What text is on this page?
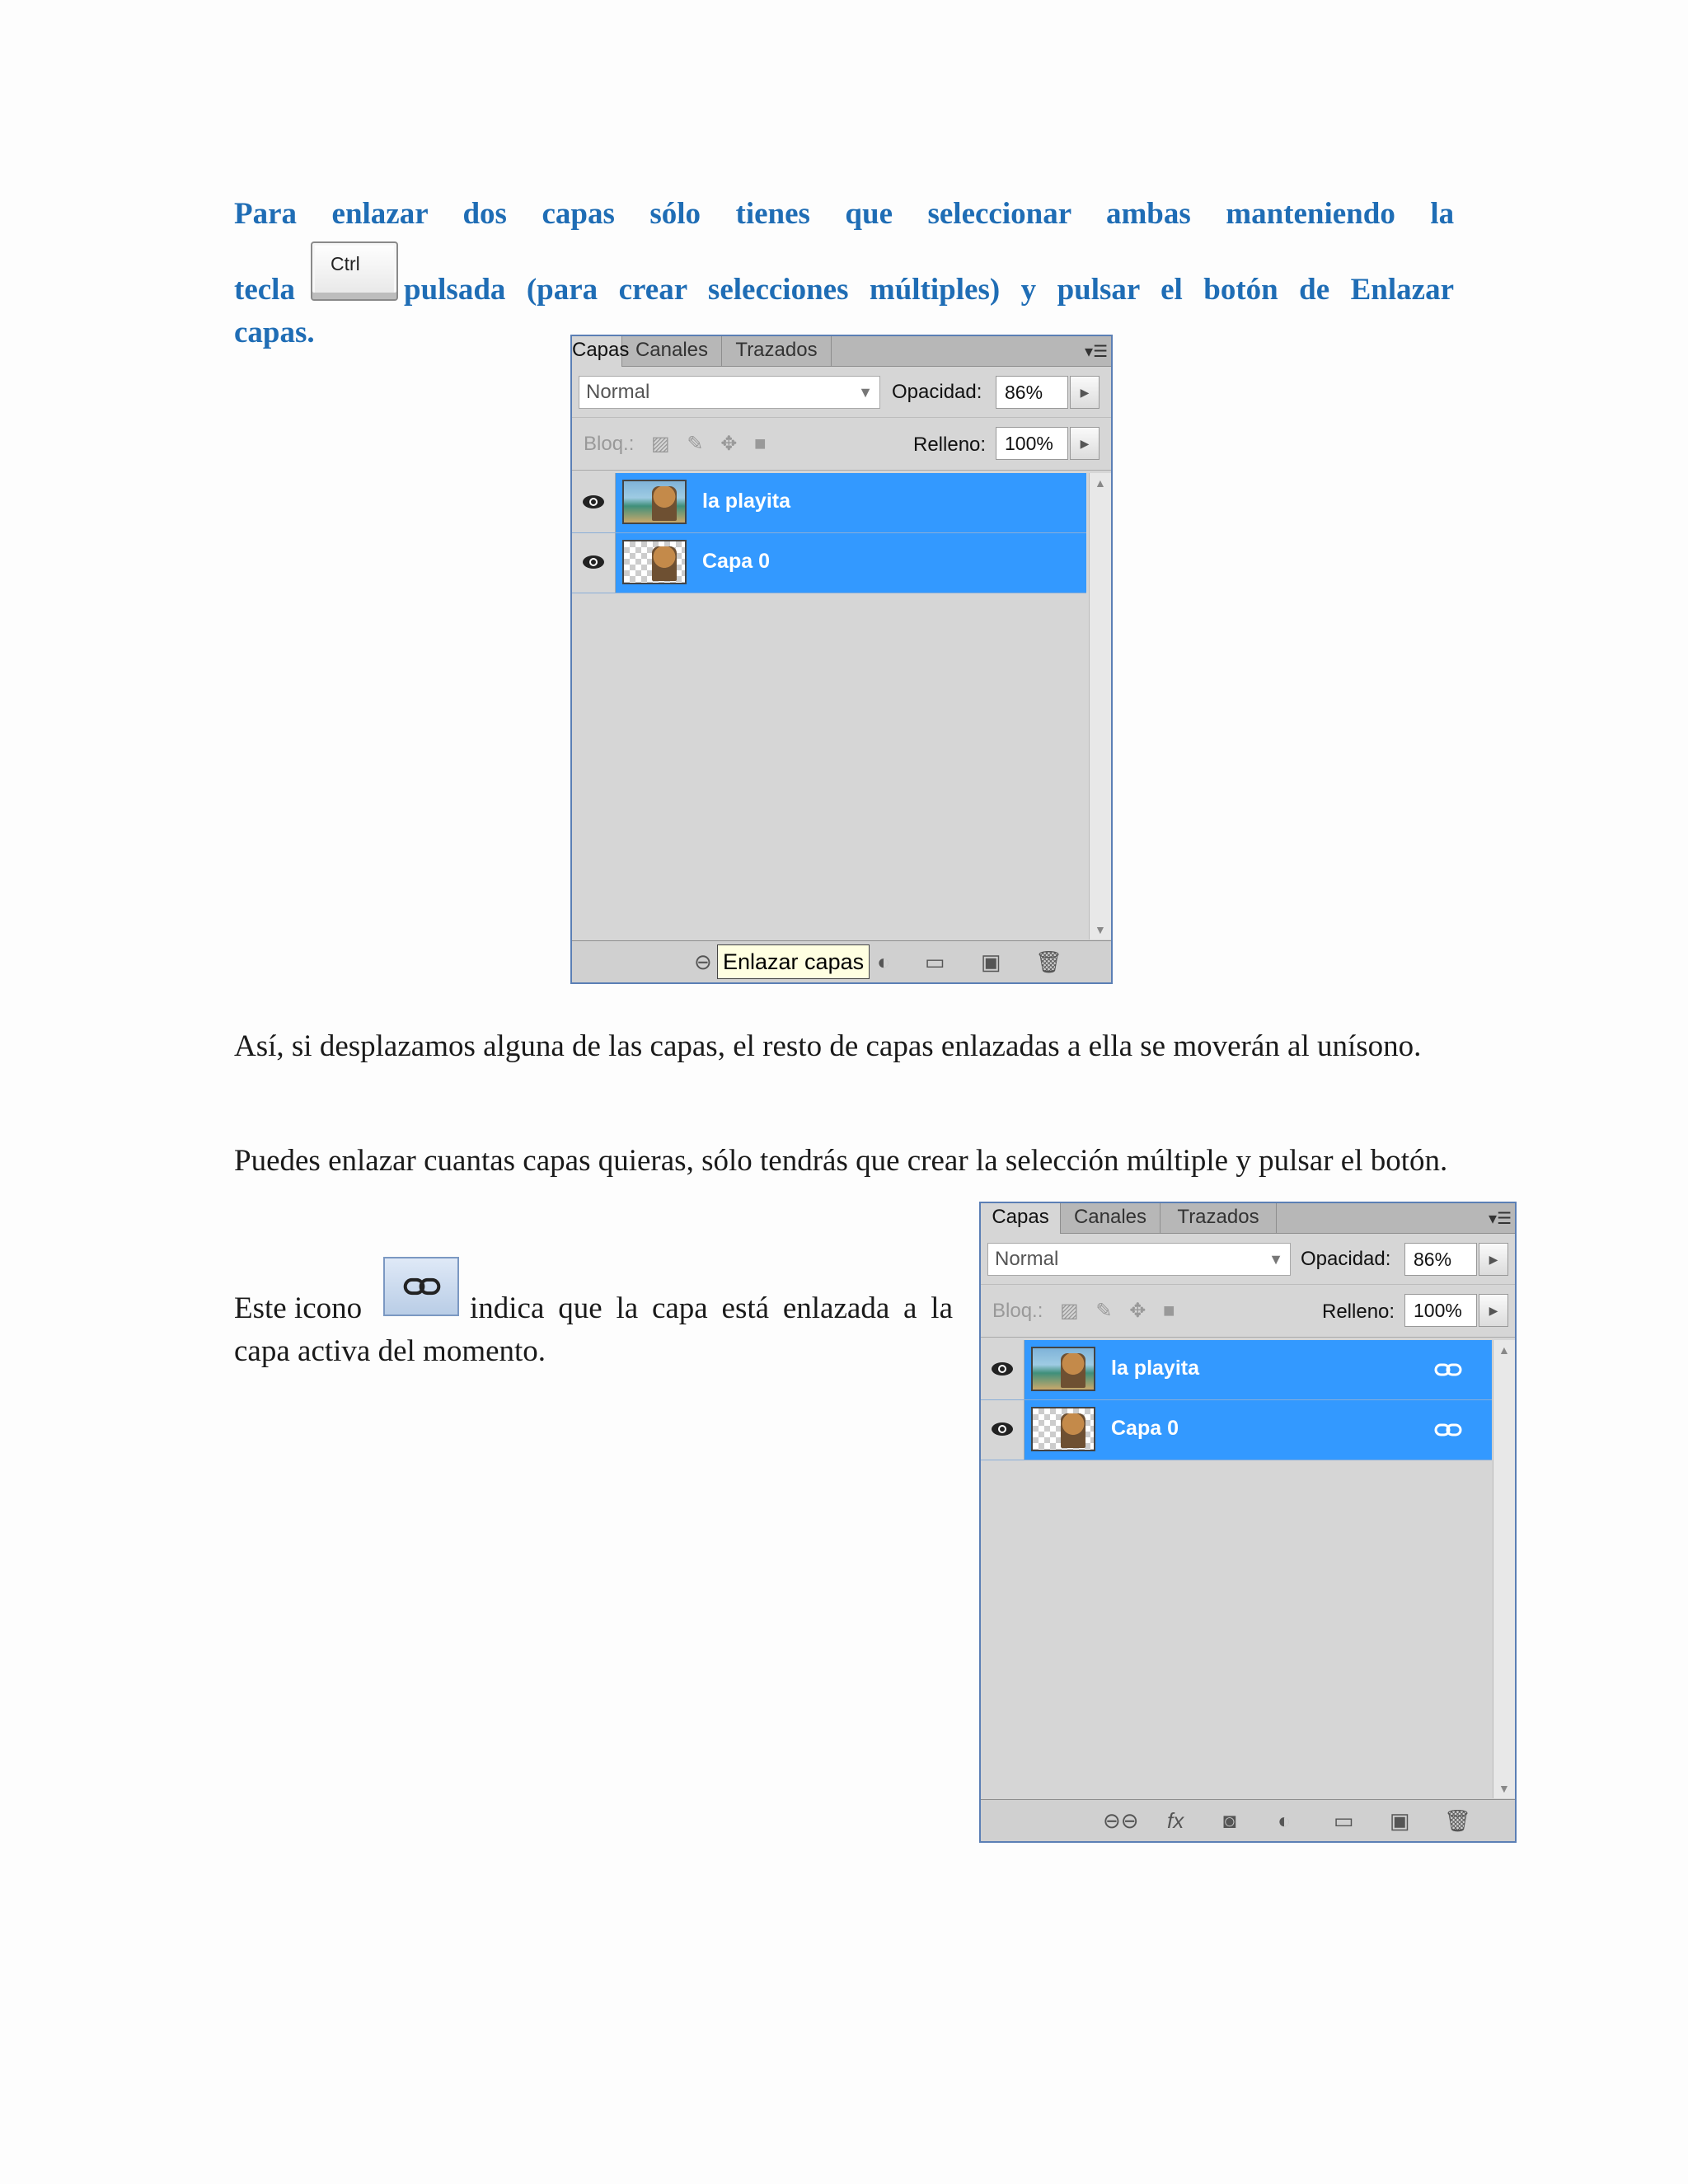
Para enlazar dos capas sólo tienes que seleccionar ambas manteniendo la

tecla
Ctrl

pulsada (para crear selecciones múltiples) y pulsar el botón de Enlazar

capas.

Capas Canales	Trazados	▾☰
Normal	▼ Opacidad:	86%	▶
Bloq.: ▨ ✎ ✥ ■	Relleno: 100%	▶
la playita
Capa 0
▲
▼
⊖	◐ ▭ ▣ 🗑
Enlazar capas

Así, si desplazamos alguna de las capas, el resto de capas enlazadas a ella se moverán al unísono.

Puedes enlazar cuantas capas quieras, sólo tendrás que crear la selección múltiple y pulsar el botón.

Este icono	indica que la capa está enlazada a la capa activa del momento.

Capas	Canales	Trazados	▾☰
Normal	▼ Opacidad:	86%	▶
Bloq.: ▨ ✎ ✥ ■	Relleno: 100%	▶
la playita
Capa 0
▲
▼
⊖⊖ fx ◙ ◐ ▭ ▣ 🗑
